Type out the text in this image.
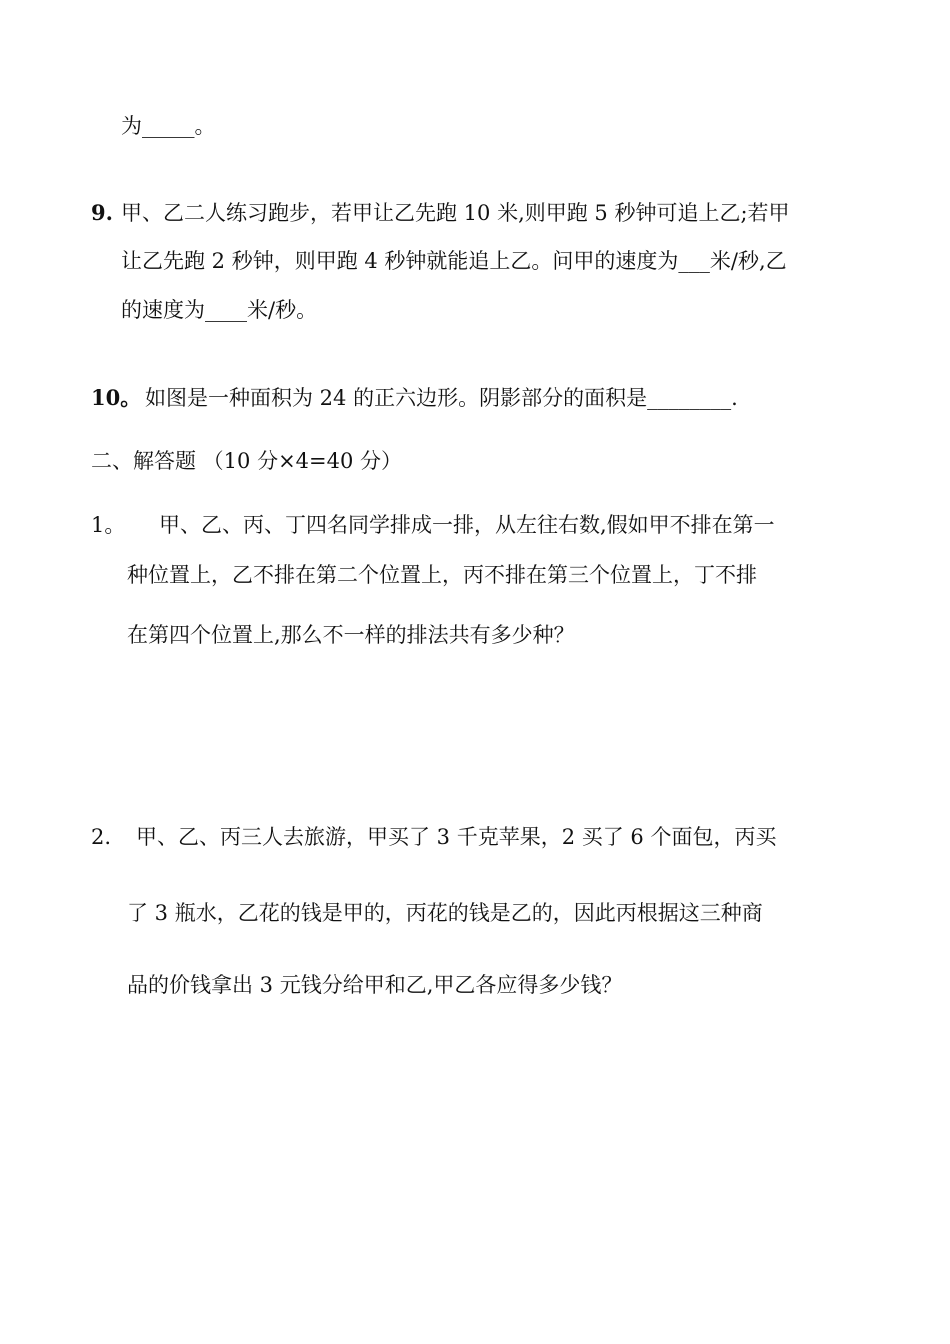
为_____。
9. 甲、乙二人练习跑步，若甲让乙先跑 10 米,则甲跑 5 秒钟可追上乙;若甲
让乙先跑 2 秒钟，则甲跑 4 秒钟就能追上乙。问甲的速度为___米/秒,乙
的速度为____米/秒。
10。 如图是一种面积为 24 的正六边形。阴影部分的面积是________.
二、解答题 （10 分×4=40 分）
1。 甲、乙、丙、丁四名同学排成一排，从左往右数,假如甲不排在第一
种位置上，乙不排在第二个位置上，丙不排在第三个位置上，丁不排
在第四个位置上,那么不一样的排法共有多少种？
2. 甲、乙、丙三人去旅游，甲买了 3 千克苹果，2 买了 6 个面包，丙买
了 3 瓶水，乙花的钱是甲的，丙花的钱是乙的，因此丙根据这三种商
品的价钱拿出 3 元钱分给甲和乙,甲乙各应得多少钱？
